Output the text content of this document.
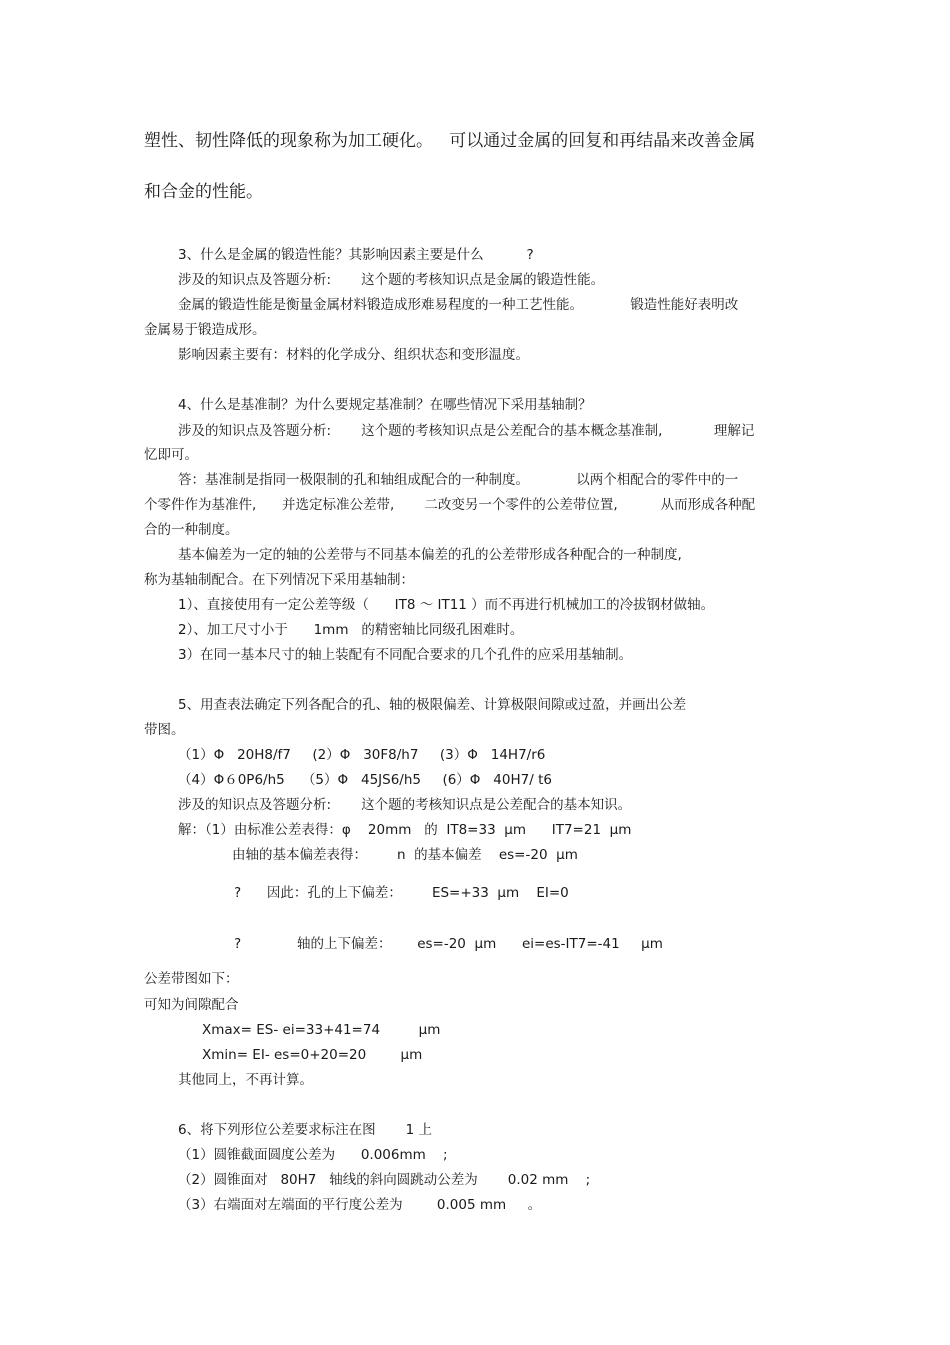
塑性、韧性降低的现象称为加工硬化。   可以通过金属的回复和再结晶来改善金属
和合金的性能。
3、什么是金属的锻造性能？其影响因素主要是什么          ?
涉及的知识点及答题分析:       这个题的考核知识点是金属的锻造性能。
金属的锻造性能是衡量金属材料锻造成形难易程度的一种工艺性能。           锻造性能好表明改
金属易于锻造成形。
影响因素主要有：材料的化学成分、组织状态和变形温度。
4、什么是基准制？为什么要规定基准制？在哪些情况下采用基轴制？
涉及的知识点及答题分析:       这个题的考核知识点是公差配合的基本概念基准制,            理解记
忆即可。
答：基准制是指同一极限制的孔和轴组成配合的一种制度。           以两个相配合的零件中的一
个零件作为基准件,      并选定标准公差带,       二改变另一个零件的公差带位置,          从而形成各种配
合的一种制度。
基本偏差为一定的轴的公差带与不同基本偏差的孔的公差带形成各种配合的一种制度,
称为基轴制配合。在下列情况下采用基轴制：
1）、直接使用有一定公差等级（      IT8 ～ IT11 ）而不再进行机械加工的冷拔钢材做轴。
2）、加工尺寸小于      1mm   的精密轴比同级孔困难时。
3）在同一基本尺寸的轴上装配有不同配合要求的几个孔件的应采用基轴制。
5、用查表法确定下列各配合的孔、轴的极限偏差、计算极限间隙或过盈，并画出公差
带图。
（1）Φ   20H8/f7     (2）Φ   30F8/h7     (3）Φ   14H7/r6
（4）Φ６0P6/h5    （5）Φ   45JS6/h5     (6）Φ   40H7/ t6
涉及的知识点及答题分析:       这个题的考核知识点是公差配合的基本知识。
解：（1）由标准公差表得：φ    20mm   的  IT8=33  μm      IT7=21  μm
由轴的基本偏差表得：       n  的基本偏差    es=-20  μm
?      因此：孔的上下偏差：       ES=+33  μm    EI=0
?             轴的上下偏差：      es=-20  μm      ei=es-IT7=-41     μm
公差带图如下：
可知为间隙配合
Xmax= ES- ei=33+41=74         μm
Xmin= EI- es=0+20=20        μm
其他同上，不再计算。
6、将下列形位公差要求标注在图       1 上
（1）圆锥截面圆度公差为      0.006mm    ;
（2）圆锥面对   80H7   轴线的斜向圆跳动公差为       0.02 mm    ;
（3）右端面对左端面的平行度公差为        0.005 mm     。
